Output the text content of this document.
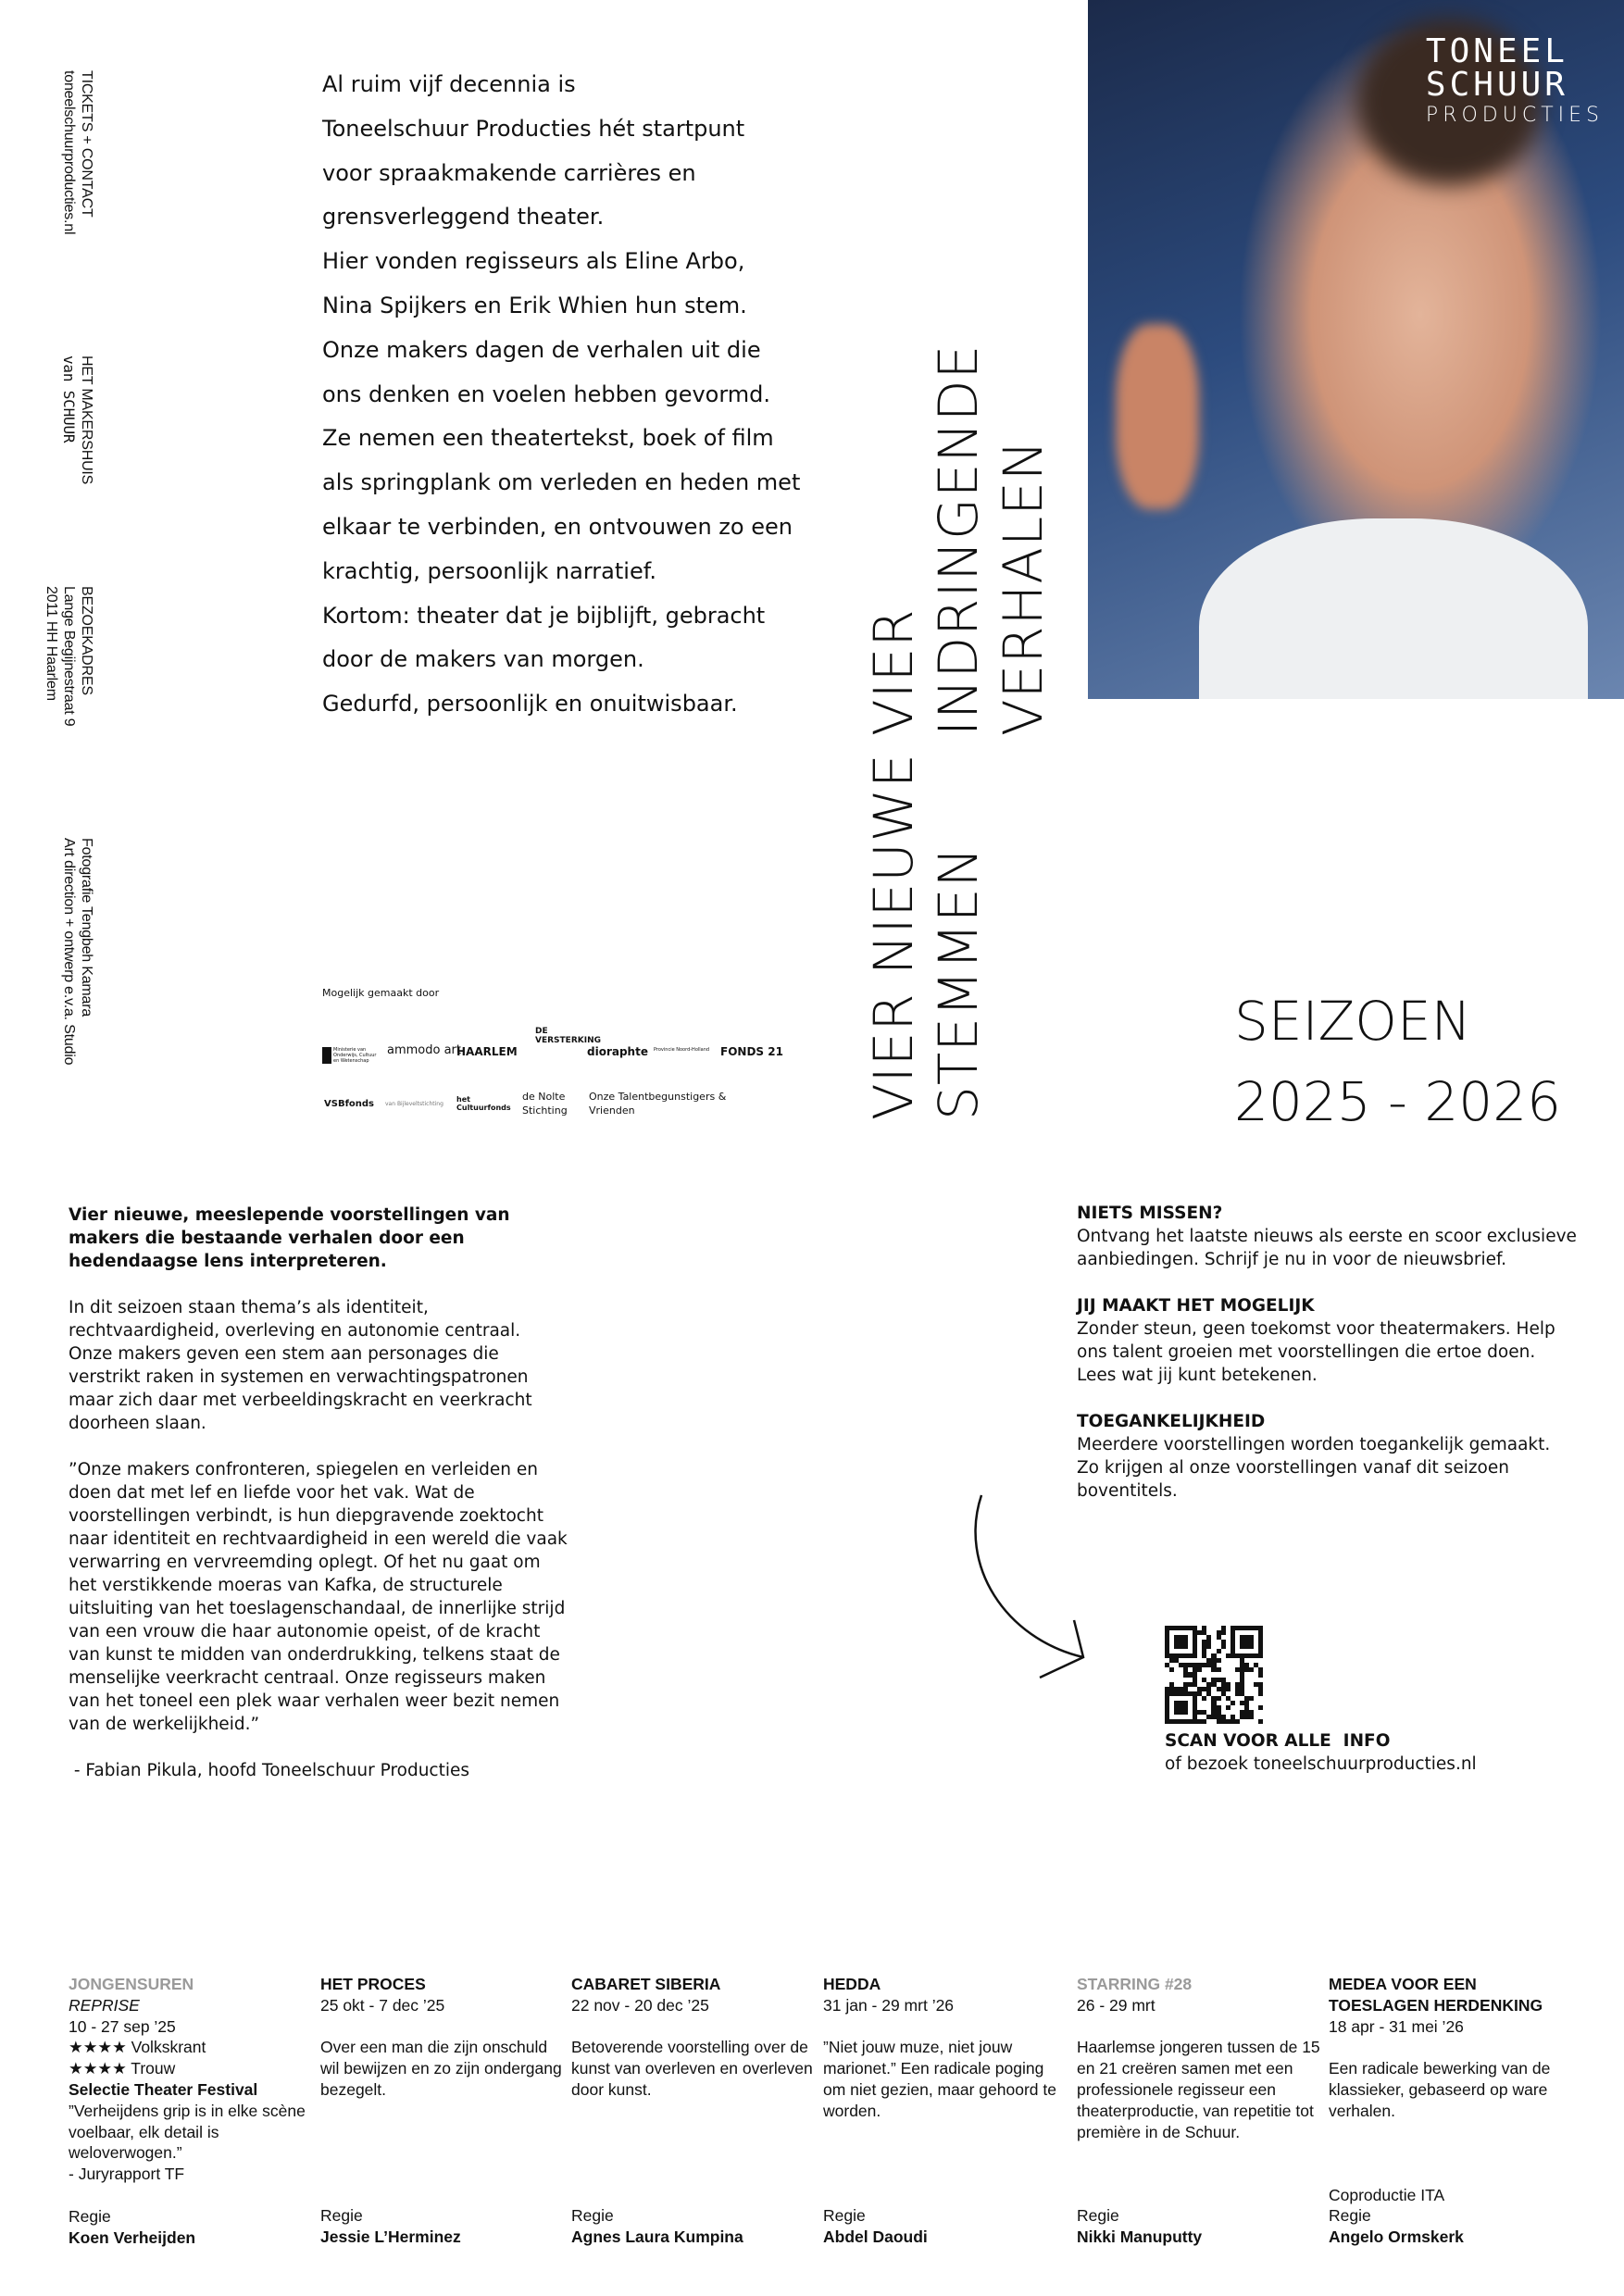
TICKETS + CONTACT
toneelschuurproducties.nl
HET MAKERSHUIS
van SCHUUR
BEZOEKADRES
Lange Begijnestraat 9
2011 HH Haarlem
Fotografie Tengbeh Kamara
Art direction + ontwerp e.v.a. Studio
Al ruim vijf decennia is
Toneelschuur Producties hét startpunt
voor spraakmakende carrières en
grensverleggend theater.
Hier vonden regisseurs als Eline Arbo,
Nina Spijkers en Erik Whien hun stem.
Onze makers dagen de verhalen uit die
ons denken en voelen hebben gevormd.
Ze nemen een theatertekst, boek of film
als springplank om verleden en heden met
elkaar te verbinden, en ontvouwen zo een
krachtig, persoonlijk narratief.
Kortom: theater dat je bijblijft, gebracht
door de makers van morgen.
Gedurfd, persoonlijk en onuitwisbaar.
Mogelijk gemaakt door
Ministerie van Onderwijs, Cultuur en Wetenschap
ammodo art
HAARLEM
DE VERSTERKING
dioraphte Provincie Noord-Holland FONDS 21
VSBfonds van Bijleveltstichting
het Cultuurfonds
de Nolte Stichting
Onze Talentbegunstigers & Vrienden	VIER NIEUWE STEMMEN
VIER INDRINGENDE VERHALEN
TONEEL
SCHUUR
PRODUCTIES
SEIZOEN
2025 - 2026

Vier nieuwe, meeslepende voorstellingen van makers die bestaande verhalen door een hedendaagse lens interpreteren.

In dit seizoen staan thema’s als identiteit, rechtvaardigheid, overleving en autonomie centraal. Onze makers geven een stem aan personages die verstrikt raken in systemen en verwachtingspatronen maar zich daar met verbeeldingskracht en veerkracht doorheen slaan.

”Onze makers confronteren, spiegelen en verleiden en doen dat met lef en liefde voor het vak. Wat de voorstellingen verbindt, is hun diepgravende zoektocht naar identiteit en rechtvaardigheid in een wereld die vaak verwarring en vervreemding oplegt. Of het nu gaat om het verstikkende moeras van Kafka, de structurele uitsluiting van het toeslagenschandaal, de innerlijke strijd van een vrouw die haar autonomie opeist, of de kracht van kunst te midden van onderdrukking, telkens staat de menselijke veerkracht centraal. Onze regisseurs maken van het toneel een plek waar verhalen weer bezit nemen van de werkelijkheid.”

- Fabian Pikula, hoofd Toneelschuur Producties

NIETS MISSEN?

Ontvang het laatste nieuws als eerste en scoor exclusieve aanbiedingen. Schrijf je nu in voor de nieuwsbrief.

JIJ MAAKT HET MOGELIJK

Zonder steun, geen toekomst voor theatermakers. Help ons talent groeien met voorstellingen die ertoe doen. Lees wat jij kunt betekenen.

TOEGANKELIJKHEID

Meerdere voorstellingen worden toegankelijk gemaakt. Zo krijgen al onze voorstellingen vanaf dit seizoen boventitels.

SCAN VOOR ALLE  INFO
of bezoek toneelschuurproducties.nl
JONGENSUREN
REPRISE
10 - 27 sep ’25
★★★★ Volkskrant
★★★★ Trouw
Selectie Theater Festival
”Verheijdens grip is in elke scène voelbaar, elk detail is weloverwogen.”
- Juryrapport TF
Regie
Koen Verheijden
HET PROCES
25 okt - 7 dec ’25
Over een man die zijn onschuld wil bewijzen en zo zijn ondergang bezegelt.
Regie
Jessie L’Herminez
CABARET SIBERIA
22 nov - 20 dec ’25
Betoverende voorstelling over de kunst van overleven en overleven door kunst.
Regie
Agnes Laura Kumpina
HEDDA
31 jan - 29 mrt ’26
”Niet jouw muze, niet jouw marionet.” Een radicale poging om niet gezien, maar gehoord te worden.
Regie
Abdel Daoudi
STARRING #28
26 - 29 mrt
Haarlemse jongeren tussen de 15 en 21 creëren samen met een professionele regisseur een theaterproductie, van repetitie tot première in de Schuur.
Regie
Nikki Manuputty
MEDEA VOOR EEN TOESLAGEN HERDENKING
18 apr - 31 mei ’26
Een radicale bewerking van de klassieker, gebaseerd op ware verhalen.
Coproductie ITA
Regie
Angelo Ormskerk
